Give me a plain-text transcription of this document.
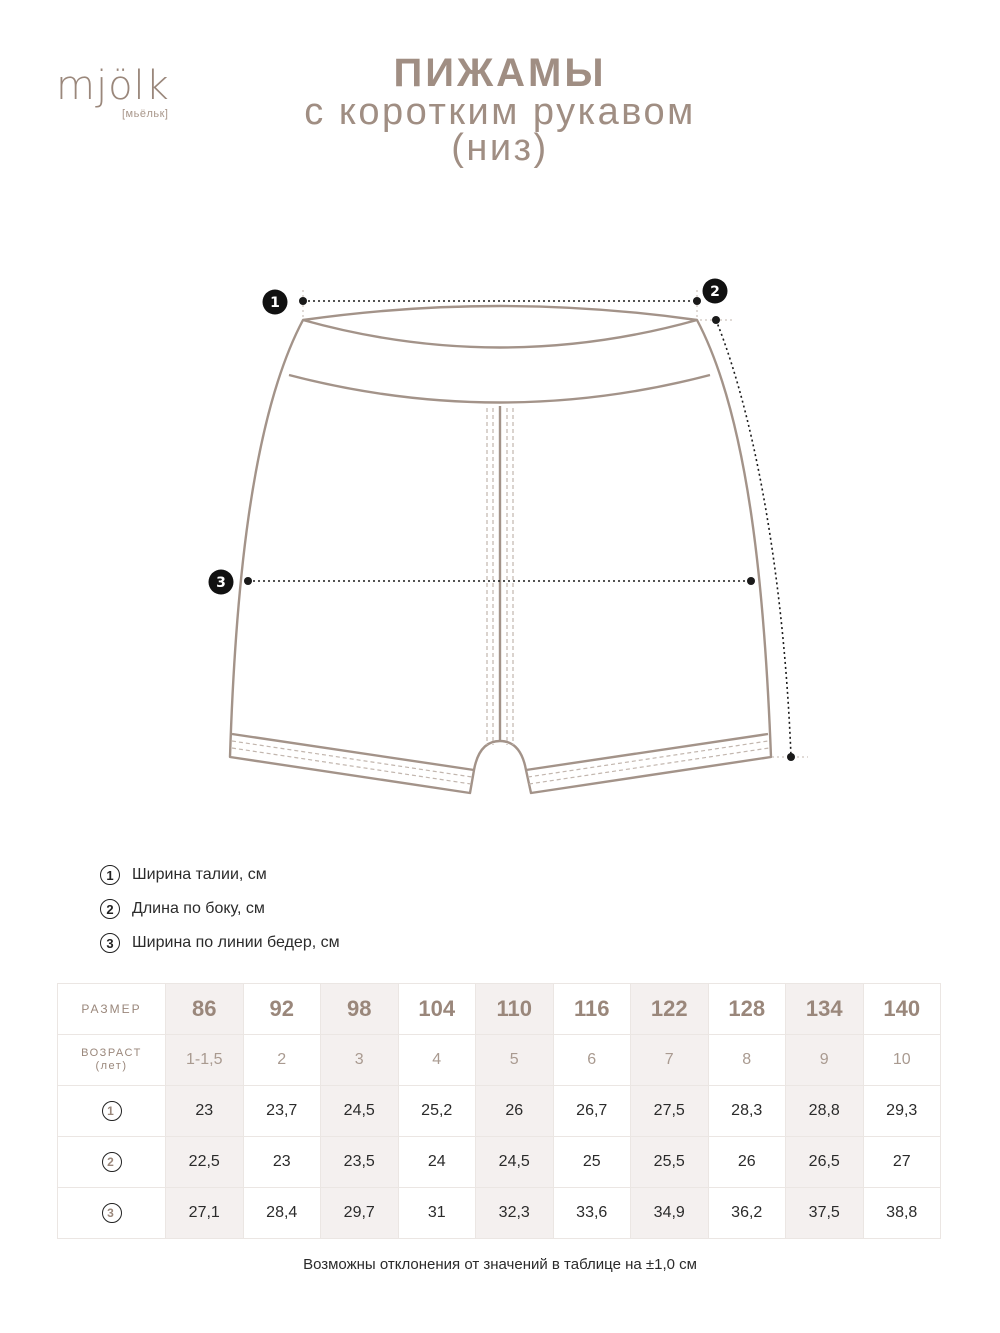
mjölk
[мьёльк]
ПИЖАМЫ
с коротким рукавом
(низ)
1
2
3
1	Ширина талии, см
2	Длина по боку, см
3	Ширина по линии бедер, см
РАЗМЕР	86	92	98	104	110	116	122	128	134	140

ВОЗРАСТ
(лет)	1-1,5	2	3	4	5	6	7	8	9	10
1	23	23,7	24,5	25,2	26	26,7	27,5	28,3	28,8	29,3
2	22,5	23	23,5	24	24,5	25	25,5	26	26,5	27
3	27,1	28,4	29,7	31	32,3	33,6	34,9	36,2	37,5	38,8
Возможны отклонения от значений в таблице на ±1,0 см
